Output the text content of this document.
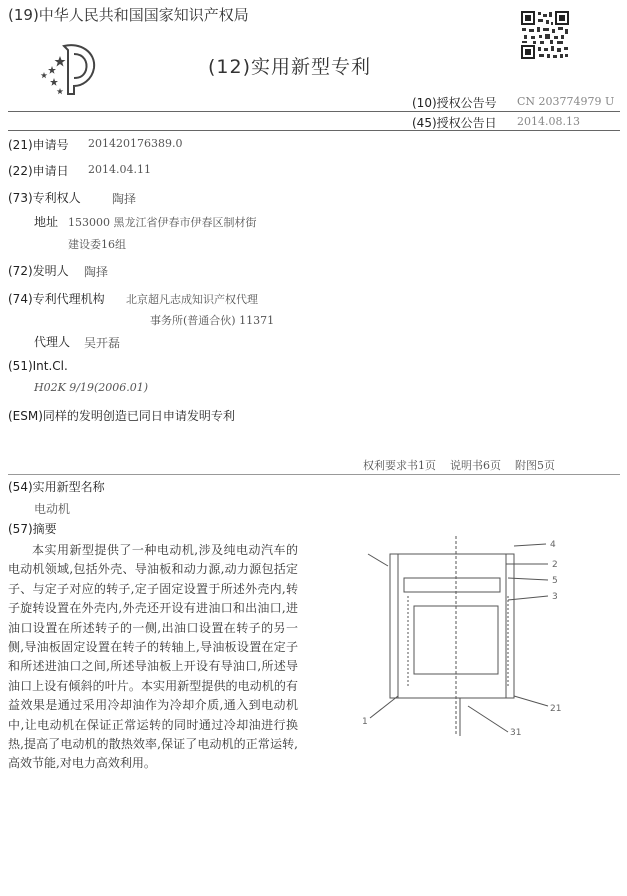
(19)中华人民共和国国家知识产权局
(12)实用新型专利
(10)授权公告号 CN 203774979 U
(45)授权公告日 2014.08.13
(21)申请号 201420176389.0
(22)申请日 2014.04.11
(73)专利权人	陶择
地址 153000 黑龙江省伊春市伊春区制材街
建设委16组
(72)发明人 陶择
(74)专利代理机构 北京超凡志成知识产权代理
事务所(普通合伙) 11371
代理人 吴开磊
(51)Int.Cl.
H02K 9/19(2006.01)
(ESM)同样的发明创造已同日申请发明专利
权利要求书1页    说明书6页    附图5页
(54)实用新型名称
电动机
(57)摘要

本实用新型提供了一种电动机,涉及纯电动汽车的电动机领域,包括外壳、导油板和动力源,动力源包括定子、与定子对应的转子,定子固定设置于所述外壳内,转子旋转设置在外壳内,外壳还开设有进油口和出油口,进油口设置在所述转子的一侧,出油口设置在转子的另一侧,导油板固定设置在转子的转轴上,导油板设置在定子和所述进油口之间,所述导油板上开设有导油口,所述导油口上设有倾斜的叶片。本实用新型提供的电动机的有益效果是通过采用冷却油作为冷却介质,通入到电动机中,让电动机在保证正常运转的同时通过冷却油进行换热,提高了电动机的散热效率,保证了电动机的正常运转,高效节能,对电力高效利用。

4
2
5
3
21
1
31
